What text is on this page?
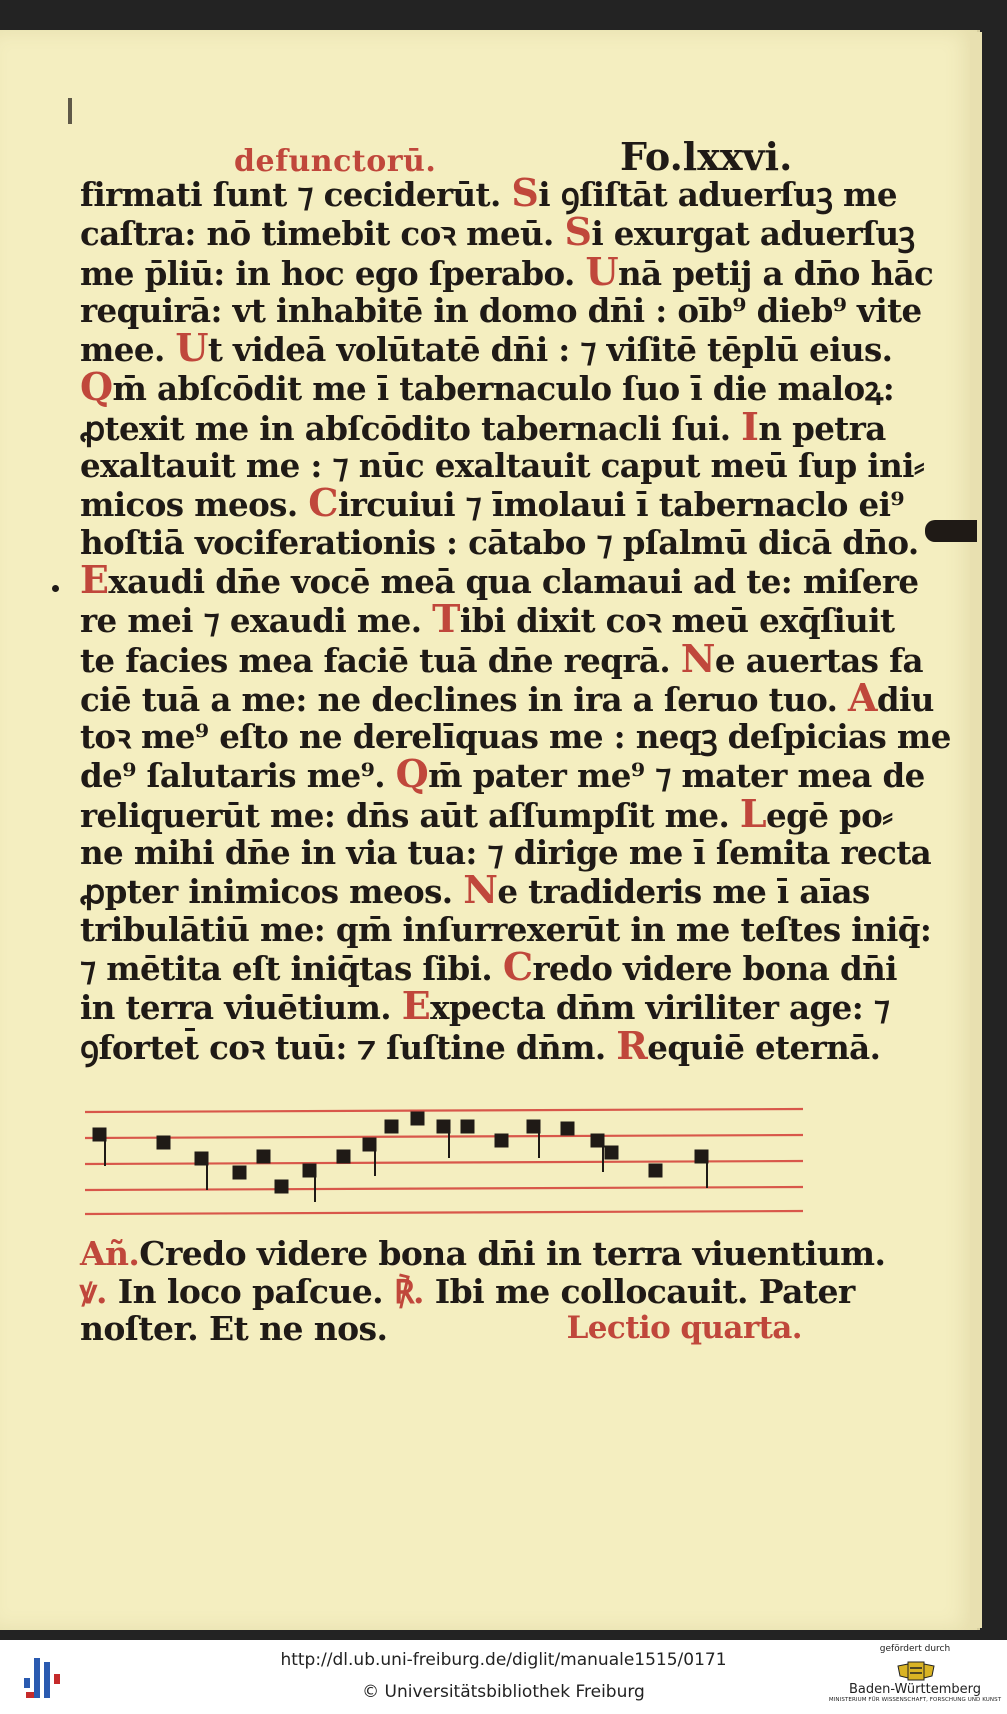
defunctorū.	Fo.lxxvi.
firmati ſunt ⁊ ceciderūt. Si ꝯſiſtāt aduerſuꝫ me
caſtra: nō timebit coꝛ meū. Si exurgat aduerſuꝫ
me p̄liū: in hoc ego ſperabo. Unā petij a dn̄o hāc
requirā: vt inhabitē in domo dn̄i : oīb⁹ dieb⁹ vite
mee. Ut videā volūtatē dn̄i : ⁊ viſitē tēplū eius.
Qm̄ abſcōdit me ī tabernaculo ſuo ī die maloꝝ:
ꝓtexit me in abſcōdito tabernacli ſui. In petra
exaltauit me : ⁊ nūc exaltauit caput meū ſup ini⸗
micos meos. Circuiui ⁊ īmolaui ī tabernaclo ei⁹
hoſtiā vociferationis : cātabo ⁊ pſalmū dicā dn̄o.
Exaudi dn̄e vocē meā qua clamaui ad te: miſere
re mei ⁊ exaudi me. Tibi dixit coꝛ meū exq̄ſiuit
te facies mea faciē tuā dn̄e reqrā. Ne auertas fa
ciē tuā a me: ne declines in ira a ſeruo tuo. Adiu
toꝛ me⁹ eſto ne derelīquas me : neqꝫ deſpicias me
de⁹ ſalutaris me⁹. Qm̄ pater me⁹ ⁊ mater mea de
reliquerūt me: dn̄s aūt aſſumpſit me. Legē po⸗
ne mihi dn̄e in via tua: ⁊ dirige me ī ſemita recta
ꝓpter inimicos meos. Ne tradideris me ī aīas
tribulātiū me: qm̄ inſurrexerūt in me teſtes iniq̄:
⁊ mētita eſt iniq̄tas ſibi. Credo videre bona dn̄i
in terra viuētium. Expecta dn̄m viriliter age: ⁊
ꝯfortet̄ coꝛ tuū: ⁊ ſuſtine dn̄m. Requiē eternā.
Añ.Credo videre bona dn̄i in terra viuentium.
ꝟ. In loco paſcue. ℟. Ibi me collocauit. Pater
noſter. Et ne nos.	Lectio quarta.
http://dl.ub.uni-freiburg.de/diglit/manuale1515/0171
© Universitätsbibliothek Freiburg
gefördert durch
Baden-Württemberg
MINISTERIUM FÜR WISSENSCHAFT, FORSCHUNG UND KUNST
